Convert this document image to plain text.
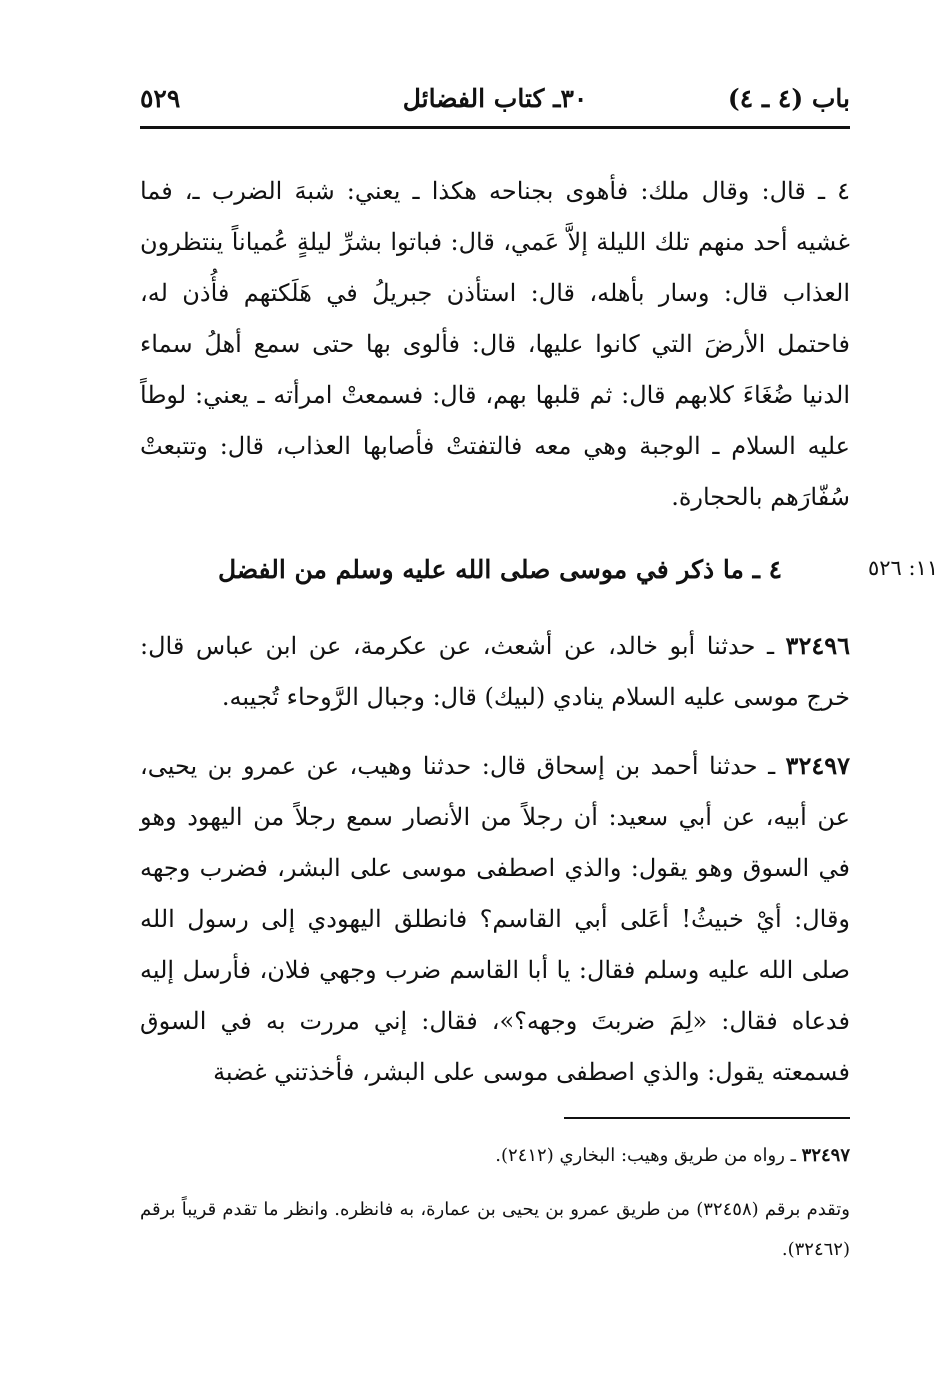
باب (٤ ـ ٤)
٣٠ـ كتاب الفضائل
٥٢٩

٤ ـ قال: وقال ملك: فأهوى بجناحه هكذا ـ يعني: شبهَ الضرب ـ، فما غشيه أحد منهم تلك الليلة إلاَّ عَمي، قال: فباتوا بشرِّ ليلةٍ عُمياناً ينتظرون العذاب قال: وسار بأهله، قال: استأذن جبريلُ في هَلَكتهم فأُذن له، فاحتمل الأرضَ التي كانوا عليها، قال: فألوى بها حتى سمع أهلُ سماء الدنيا ضُغَاءَ كلابهم قال: ثم قلبها بهم، قال: فسمعتْ امرأته ـ يعني: لوطاً عليه السلام ـ الوجبة وهي معه فالتفتتْ فأصابها العذاب، قال: وتتبعتْ سُفّارَهم بالحجارة.

١١: ٥٢٦

٤ ـ ما ذكر في موسى صلى الله عليه وسلم من الفضل

٣٢٤٩٦ ـ حدثنا أبو خالد، عن أشعث، عن عكرمة، عن ابن عباس قال: خرج موسى عليه السلام ينادي (لبيك) قال: وجبال الرَّوحاء تُجيبه.

٣٢٤٩٧ ـ حدثنا أحمد بن إسحاق قال: حدثنا وهيب، عن عمرو بن يحيى، عن أبيه، عن أبي سعيد: أن رجلاً من الأنصار سمع رجلاً من اليهود وهو في السوق وهو يقول: والذي اصطفى موسى على البشر، فضرب وجهه وقال: أيْ خبيثُ! أعَلى أبي القاسم؟ فانطلق اليهودي إلى رسول الله صلى الله عليه وسلم فقال: يا أبا القاسم ضرب وجهي فلان، فأرسل إليه فدعاه فقال: «لِمَ ضربتَ وجهه؟»، فقال: إني مررت به في السوق فسمعته يقول: والذي اصطفى موسى على البشر، فأخذتني غضبة

٣٢٤٩٧ ـ رواه من طريق وهيب: البخاري (٢٤١٢).

وتقدم برقم (٣٢٤٥٨) من طريق عمرو بن يحيى بن عمارة، به فانظره. وانظر ما تقدم قريباً برقم (٣٢٤٦٢).
